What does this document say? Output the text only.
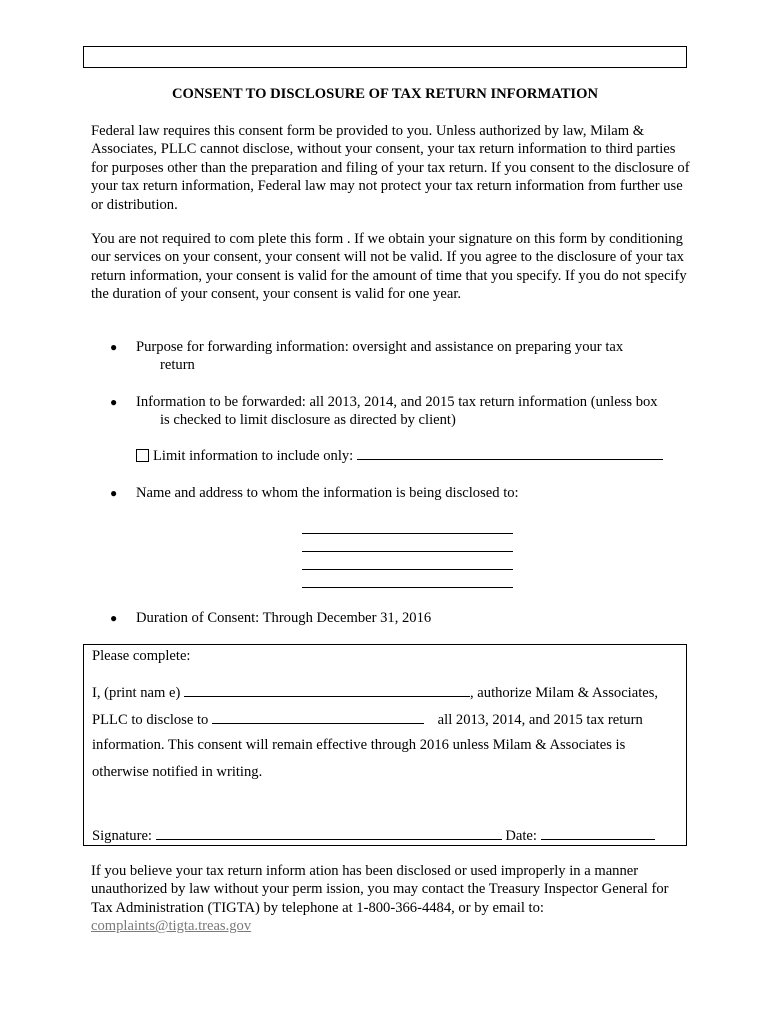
CONSENT TO DISCLOSURE OF TAX RETURN INFORMATION

Federal law requires this consent form be provided to you. Unless authorized by law, Milam & Associates, PLLC cannot disclose, without your consent, your tax return information to third parties for purposes other than the preparation and filing of your tax return. If you consent to the disclosure of your tax return information, Federal law may not protect your tax return information from further use or distribution.

You are not required to com plete this form . If we obtain your signature on this form by conditioning our services on your consent, your consent will not be valid. If you agree to the disclosure of your tax return information, your consent is valid for the amount of time that you specify. If you do not specify the duration of your consent, your consent is valid for one year.

● Purpose for forwarding information: oversight and assistance on preparing your tax
return
● Information to be forwarded: all 2013, 2014, and 2015 tax return information (unless box
is checked to limit disclosure as directed by client)
Limit information to include only:
● Name and address to whom the information is being disclosed to:
● Duration of Consent: Through December 31, 2016
Please complete:
I, (print nam e)	, authorize Milam & Associates,
PLLC to disclose to	all 2013, 2014, and 2015 tax return
information. This consent will remain effective through 2016 unless Milam & Associates is
otherwise notified in writing.
Signature:	Date:
If you believe your tax return inform ation has been disclosed or used improperly in a manner unauthorized by law without your perm ission, you may contact the Treasury Inspector General for Tax Administration (TIGTA) by telephone at 1-800-366-4484, or by email to:
complaints@tigta.treas.gov
